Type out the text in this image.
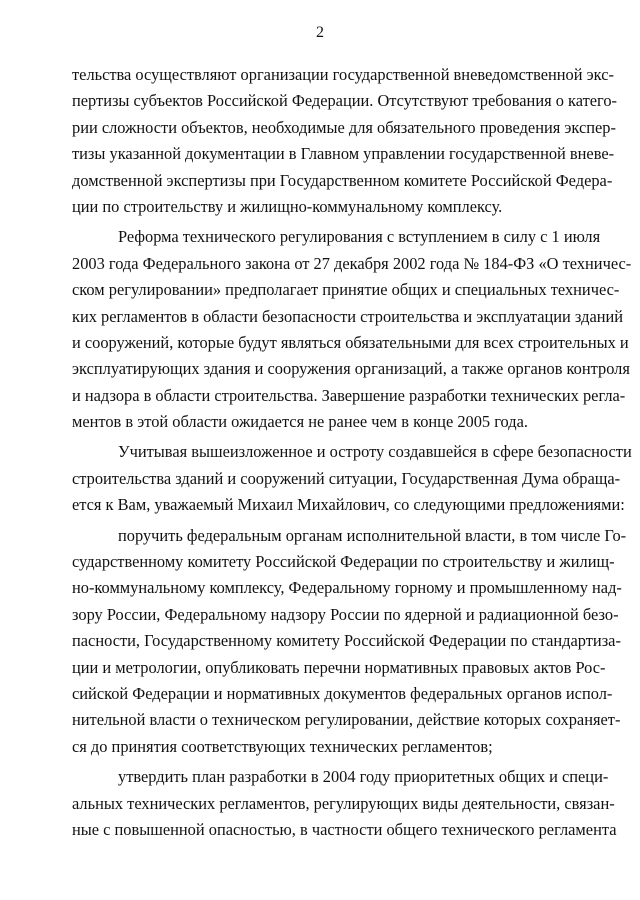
2
тельства осуществляют организации государственной вневедомственной экс-
пертизы субъектов Российской Федерации. Отсутствуют требования о катего-
рии сложности объектов, необходимые для обязательного проведения экспер-
тизы указанной документации в Главном управлении государственной вневе-
домственной экспертизы при Государственном комитете Российской Федера-
ции по строительству и жилищно-коммунальному комплексу.
Реформа технического регулирования с вступлением в силу с 1 июля
2003 года Федерального закона от 27 декабря 2002 года № 184-ФЗ «О техничес-
ском регулировании» предполагает принятие общих и специальных техничес-
ких регламентов в области безопасности строительства и эксплуатации зданий
и сооружений, которые будут являться обязательными для всех строительных и
эксплуатирующих здания и сооружения организаций, а также органов контроля
и надзора в области строительства. Завершение разработки технических регла-
ментов в этой области ожидается не ранее чем в конце 2005 года.
Учитывая вышеизложенное и остроту создавшейся в сфере безопасности
строительства зданий и сооружений ситуации, Государственная Дума обраща-
ется к Вам, уважаемый Михаил Михайлович, со следующими предложениями:
поручить федеральным органам исполнительной власти, в том числе Го-
сударственному комитету Российской Федерации по строительству и жилищ-
но-коммунальному комплексу, Федеральному горному и промышленному над-
зору России, Федеральному надзору России по ядерной и радиационной безо-
пасности, Государственному комитету Российской Федерации по стандартиза-
ции и метрологии, опубликовать перечни нормативных правовых актов Рос-
сийской Федерации и нормативных документов федеральных органов испол-
нительной власти о техническом регулировании, действие которых сохраняет-
ся до принятия соответствующих технических регламентов;
утвердить план разработки в 2004 году приоритетных общих и специ-
альных технических регламентов, регулирующих виды деятельности, связан-
ные с повышенной опасностью, в частности общего технического регламента
